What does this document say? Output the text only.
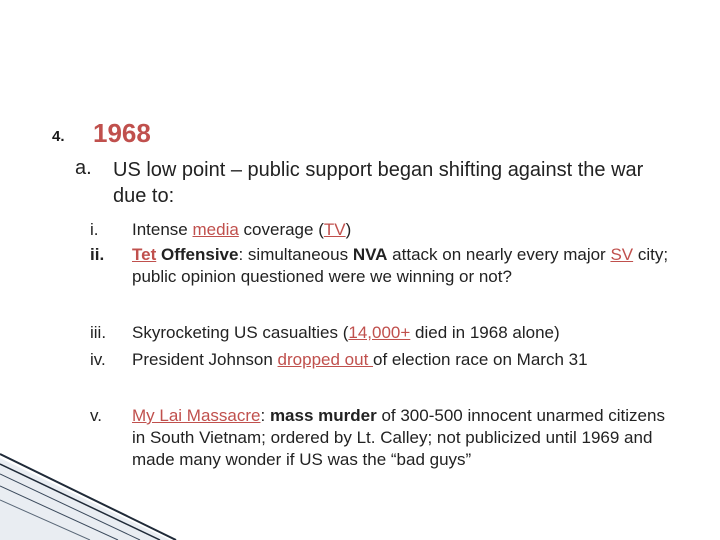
4. 1968
a. US low point – public support began shifting against the war due to:
i.	Intense media coverage (TV)
ii.	Tet Offensive: simultaneous NVA attack on nearly every major SV city; public opinion questioned were we winning or not?
iii.	Skyrocketing US casualties (14,000+ died in 1968 alone)
iv.	President Johnson dropped out of election race on March 31
v.	My Lai Massacre: mass murder of 300-500 innocent unarmed citizens in South Vietnam; ordered by Lt. Calley; not publicized until 1969 and made many wonder if US was the “bad guys”
